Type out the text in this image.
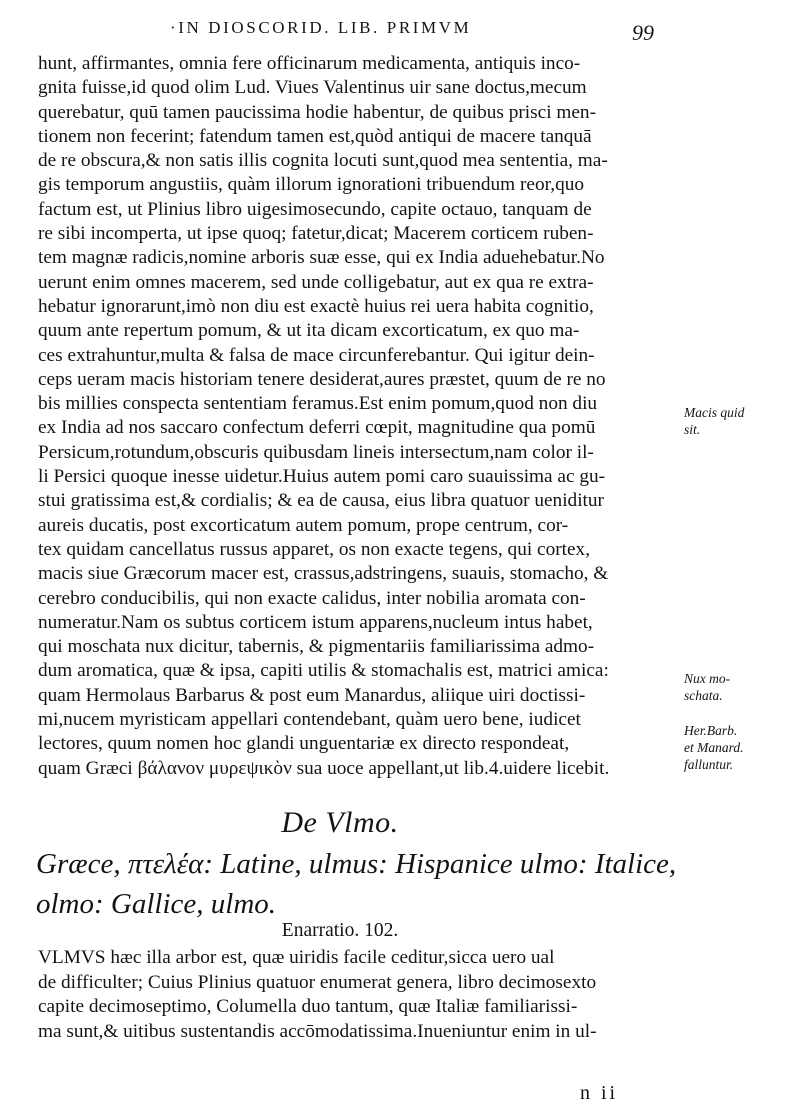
·IN DIOSCORID. LIB. PRIMVM	99
hunt, affirmantes, omnia fere officinarum medicamenta, antiquis inco-
gnita fuisse,id quod olim Lud. Viues Valentinus uir sane doctus,mecum
querebatur, quū tamen paucissima hodie habentur, de quibus prisci men-
tionem non fecerint; fatendum tamen est,quòd antiqui de macere tanquā
de re obscura,& non satis illis cognita locuti sunt,quod mea sententia, ma-
gis temporum angustiis, quàm illorum ignorationi tribuendum reor,quo
factum est, ut Plinius libro uigesimosecundo, capite octauo, tanquam de
re sibi incomperta, ut ipse quoq; fatetur,dicat; Macerem corticem ruben-
tem magnæ radicis,nomine arboris suæ esse, qui ex India aduehebatur.No
uerunt enim omnes macerem, sed unde colligebatur, aut ex qua re extra-
hebatur ignorarunt,imò non diu est exactè huius rei uera habita cognitio,
quum ante repertum pomum, & ut ita dicam excorticatum, ex quo ma-
ces extrahuntur,multa & falsa de mace circunferebantur. Qui igitur dein-
ceps ueram macis historiam tenere desiderat,aures præstet, quum de re no
bis millies conspecta sententiam feramus.Est enim pomum,quod non diu
ex India ad nos saccaro confectum deferri cœpit, magnitudine qua pomū
Persicum,rotundum,obscuris quibusdam lineis intersectum,nam color il-
li Persici quoque inesse uidetur.Huius autem pomi caro suauissima ac gu-
stui gratissima est,& cordialis; & ea de causa, eius libra quatuor ueniditur
aureis ducatis, post excorticatum autem pomum, prope centrum, cor-
tex quidam cancellatus russus apparet, os non exacte tegens, qui cortex,
macis siue Græcorum macer est, crassus,adstringens, suauis, stomacho, &
cerebro conducibilis, qui non exacte calidus, inter nobilia aromata con-
numeratur.Nam os subtus corticem istum apparens,nucleum intus habet,
qui moschata nux dicitur, tabernis, & pigmentariis familiarissima admo-
dum aromatica, quæ & ipsa, capiti utilis & stomachalis est, matrici amica:
quam Hermolaus Barbarus & post eum Manardus, aliique uiri doctissi-
mi,nucem myristicam appellari contendebant, quàm uero bene, iudicet
lectores, quum nomen hoc glandi unguentariæ ex directo respondeat,
quam Græci βάλανον μυρεψικὸν sua uoce appellant,ut lib.4.uidere licebit.
Macis quid
sit.
Nux mo-
schata.
Her.Barb.
et Manard.
falluntur.
De Vlmo.
Græce, πτελέα: Latine, ulmus: Hispanice ulmo: Italice,
olmo: Gallice, ulmo.
Enarratio. 102.
VLMVS hæc illa arbor est, quæ uiridis facile ceditur,sicca uero ual
de difficulter; Cuius Plinius quatuor enumerat genera, libro decimosexto
capite decimoseptimo, Columella duo tantum, quæ Italiæ familiarissi-
ma sunt,& uitibus sustentandis accōmodatissima.Inueniuntur enim in ul-
n ii
